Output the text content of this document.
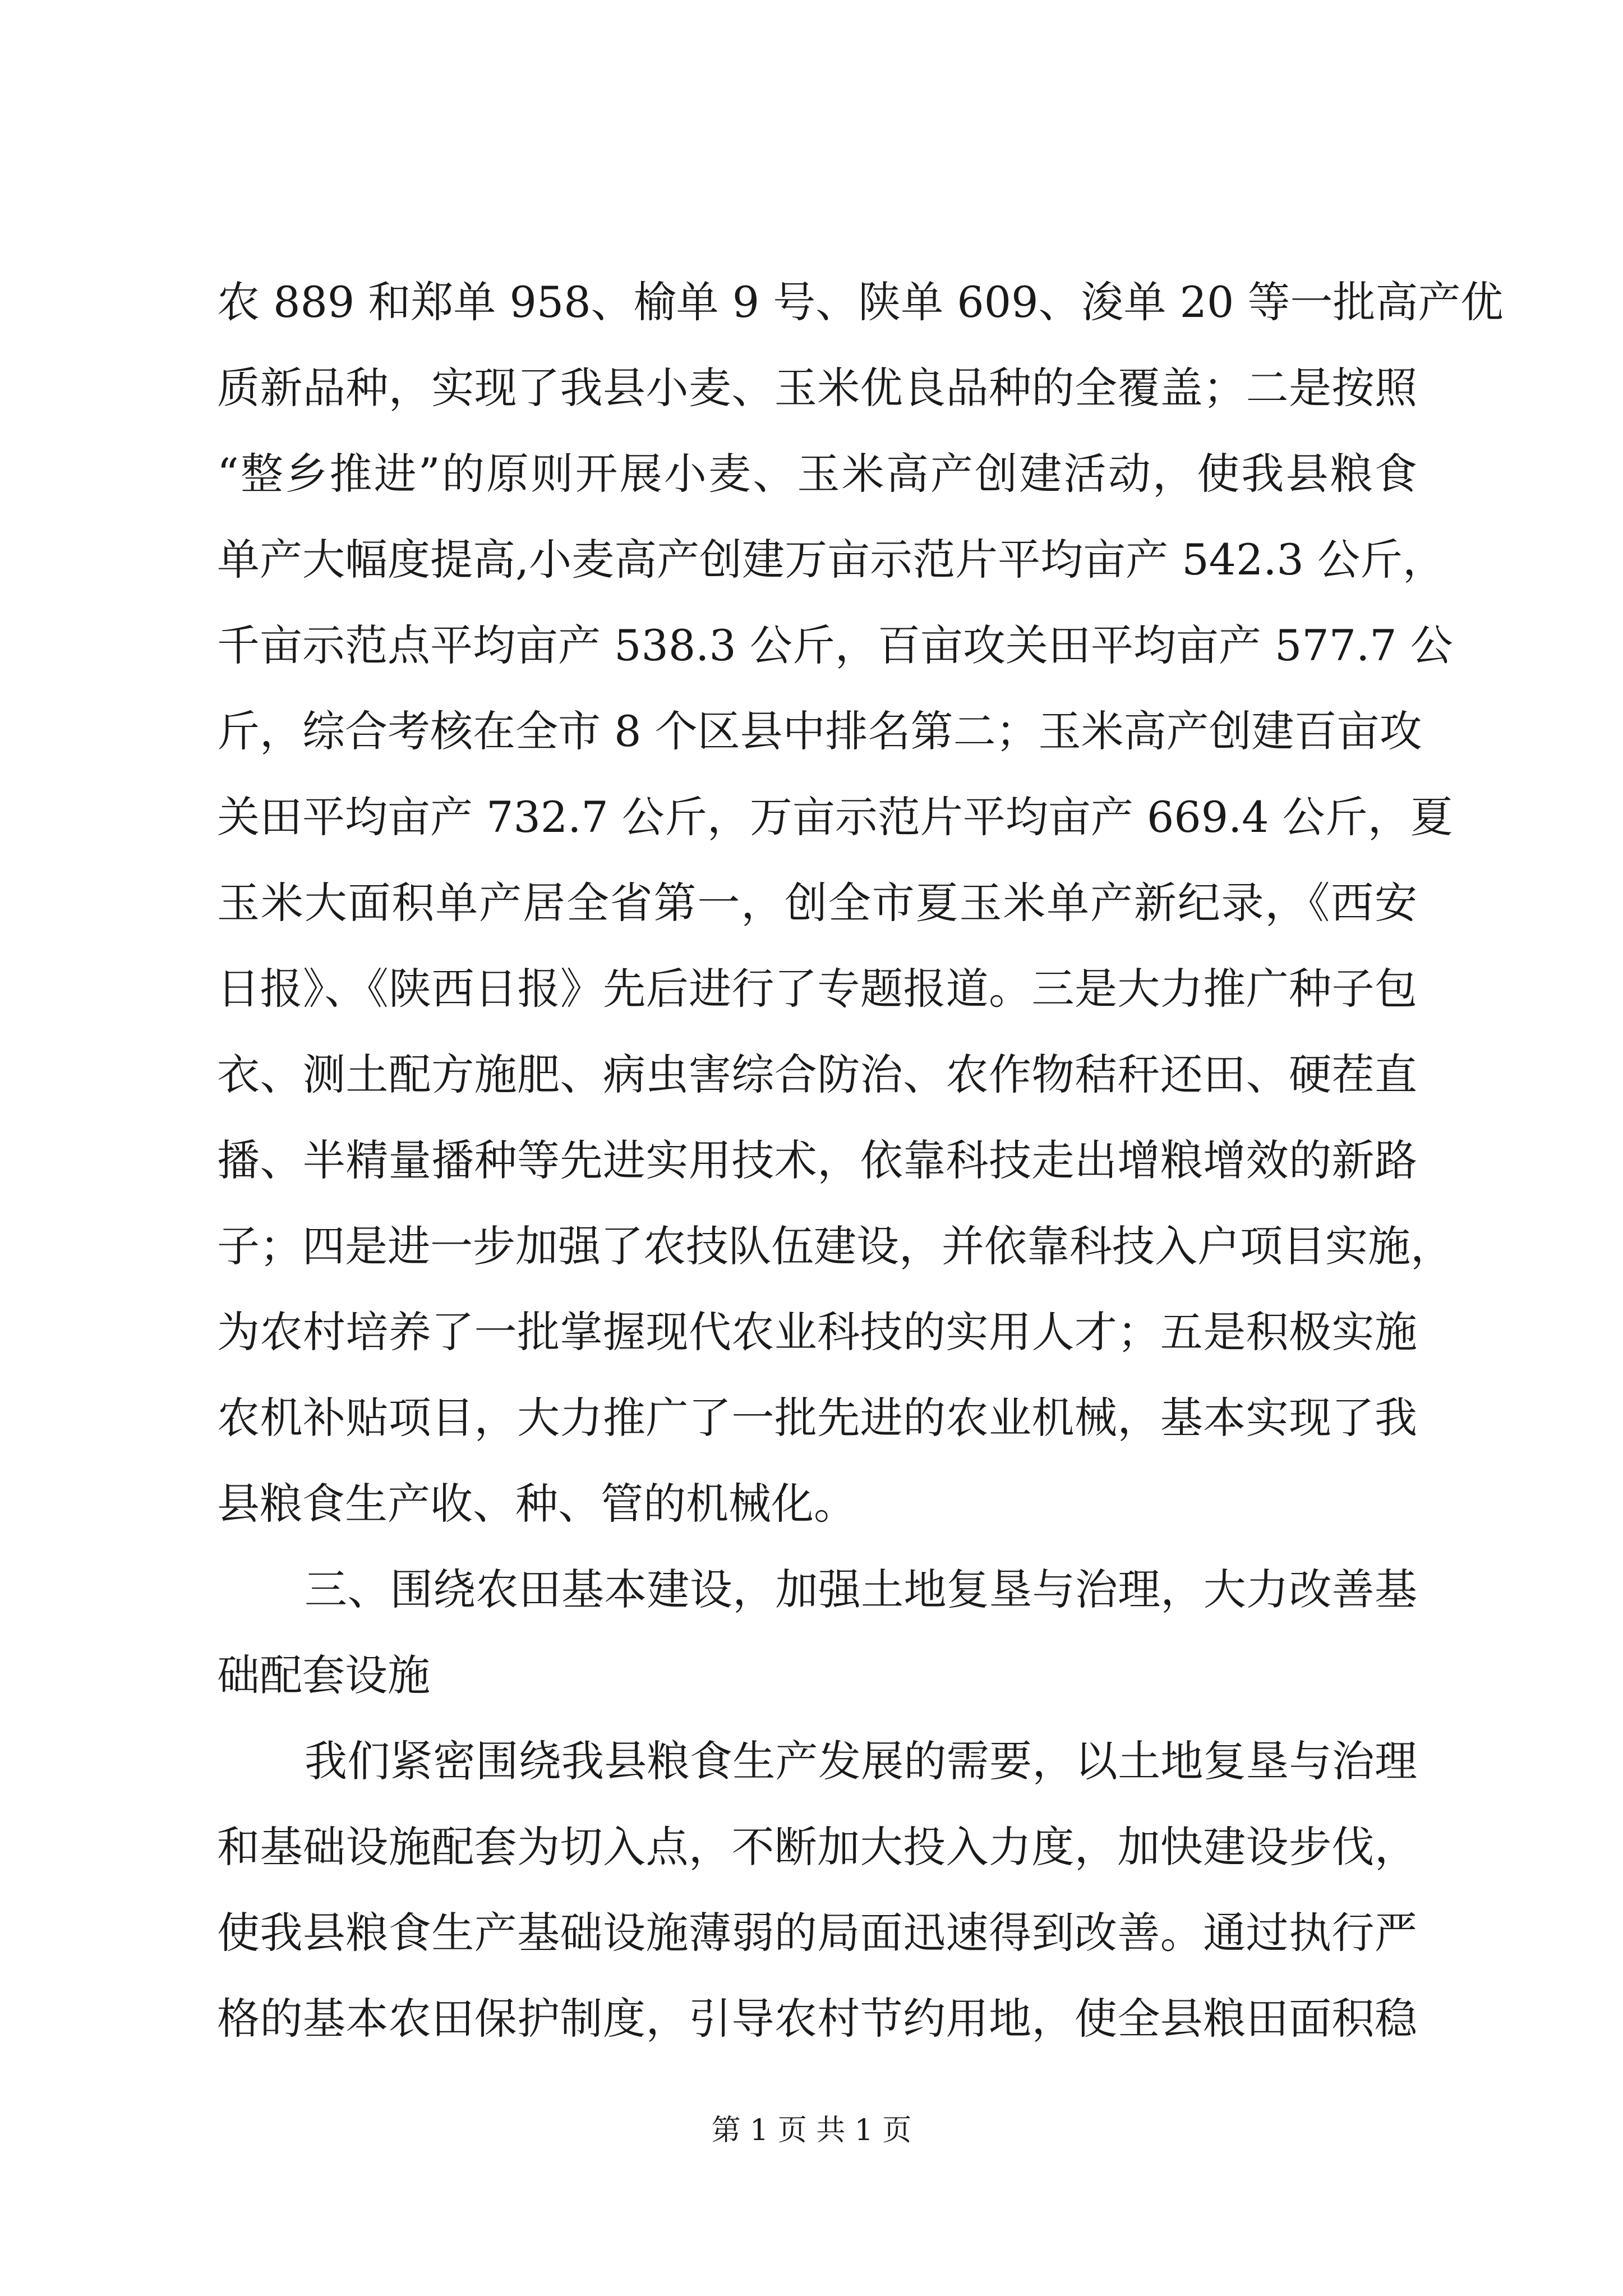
农 889 和郑单 958、榆单 9 号、陕单 609、浚单 20 等一批高产优
质新品种，实现了我县小麦、玉米优良品种的全覆盖；二是按照
“整乡推进”的原则开展小麦、玉米高产创建活动，使我县粮食
单产大幅度提高,小麦高产创建万亩示范片平均亩产 542.3 公斤，
千亩示范点平均亩产 538.3 公斤，百亩攻关田平均亩产 577.7 公
斤，综合考核在全市 8 个区县中排名第二；玉米高产创建百亩攻
关田平均亩产 732.7 公斤，万亩示范片平均亩产 669.4 公斤，夏
玉米大面积单产居全省第一，创全市夏玉米单产新纪录，《西安
日报》、《陕西日报》先后进行了专题报道。三是大力推广种子包
衣、测土配方施肥、病虫害综合防治、农作物秸秆还田、硬茬直
播、半精量播种等先进实用技术，依靠科技走出增粮增效的新路
子；四是进一步加强了农技队伍建设，并依靠科技入户项目实施，
为农村培养了一批掌握现代农业科技的实用人才；五是积极实施
农机补贴项目，大力推广了一批先进的农业机械，基本实现了我
县粮食生产收、种、管的机械化。
三、围绕农田基本建设，加强土地复垦与治理，大力改善基
础配套设施
我们紧密围绕我县粮食生产发展的需要，以土地复垦与治理
和基础设施配套为切入点，不断加大投入力度，加快建设步伐，
使我县粮食生产基础设施薄弱的局面迅速得到改善。通过执行严
格的基本农田保护制度，引导农村节约用地，使全县粮田面积稳
第 1 页 共 1 页
